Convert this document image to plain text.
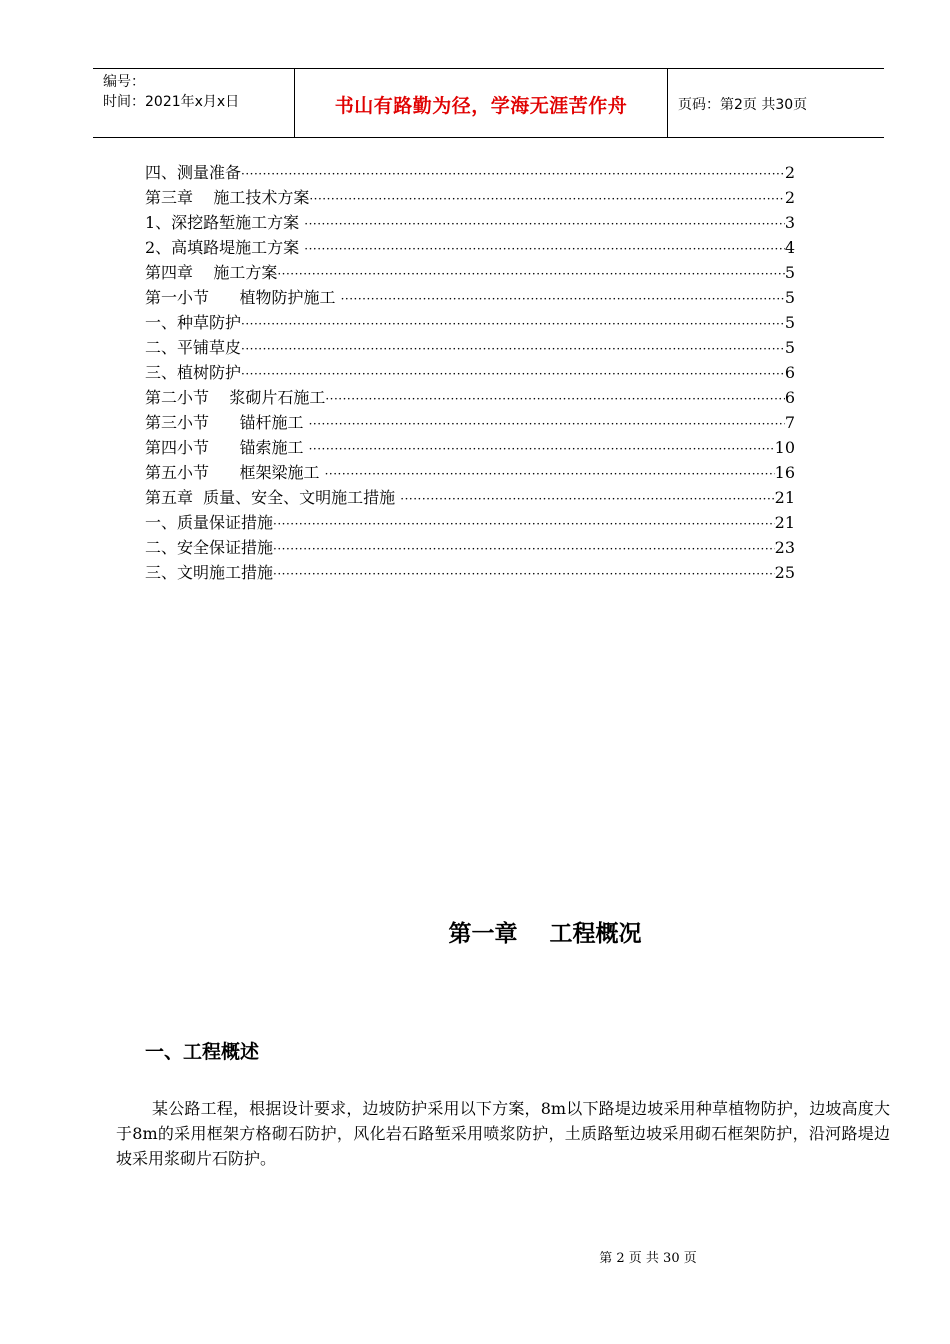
编号：
时间：2021年x月x日	书山有路勤为径，学海无涯苦作舟	页码：第2页 共30页
四、测量准备 ·····	2
第三章    施工技术方案 ·····	2
1、深挖路堑施工方案 ·····	3
2、高填路堤施工方案 ·····	4
第四章    施工方案 ·····	5
第一小节      植物防护施工 ·····	5
一、种草防护 ·····	5
二、平铺草皮 ·····	5
三、植树防护 ·····	6
第二小节    浆砌片石施工 ·····	6
第三小节      锚杆施工 ·····	7
第四小节      锚索施工 ·····	10
第五小节      框架梁施工 ·····	16
第五章  质量、安全、文明施工措施 ·····	21
一、质量保证措施 ·····	21
二、安全保证措施 ·····	23
三、文明施工措施 ·····	25
第一章    工程概况
一、工程概述
某公路工程，根据设计要求，边坡防护采用以下方案，8m以下路堤边坡采用种草植物防护，边坡高度大于8m的采用框架方格砌石防护，风化岩石路堑采用喷浆防护，土质路堑边坡采用砌石框架防护，沿河路堤边坡采用浆砌片石防护。
第 2 页 共 30 页
